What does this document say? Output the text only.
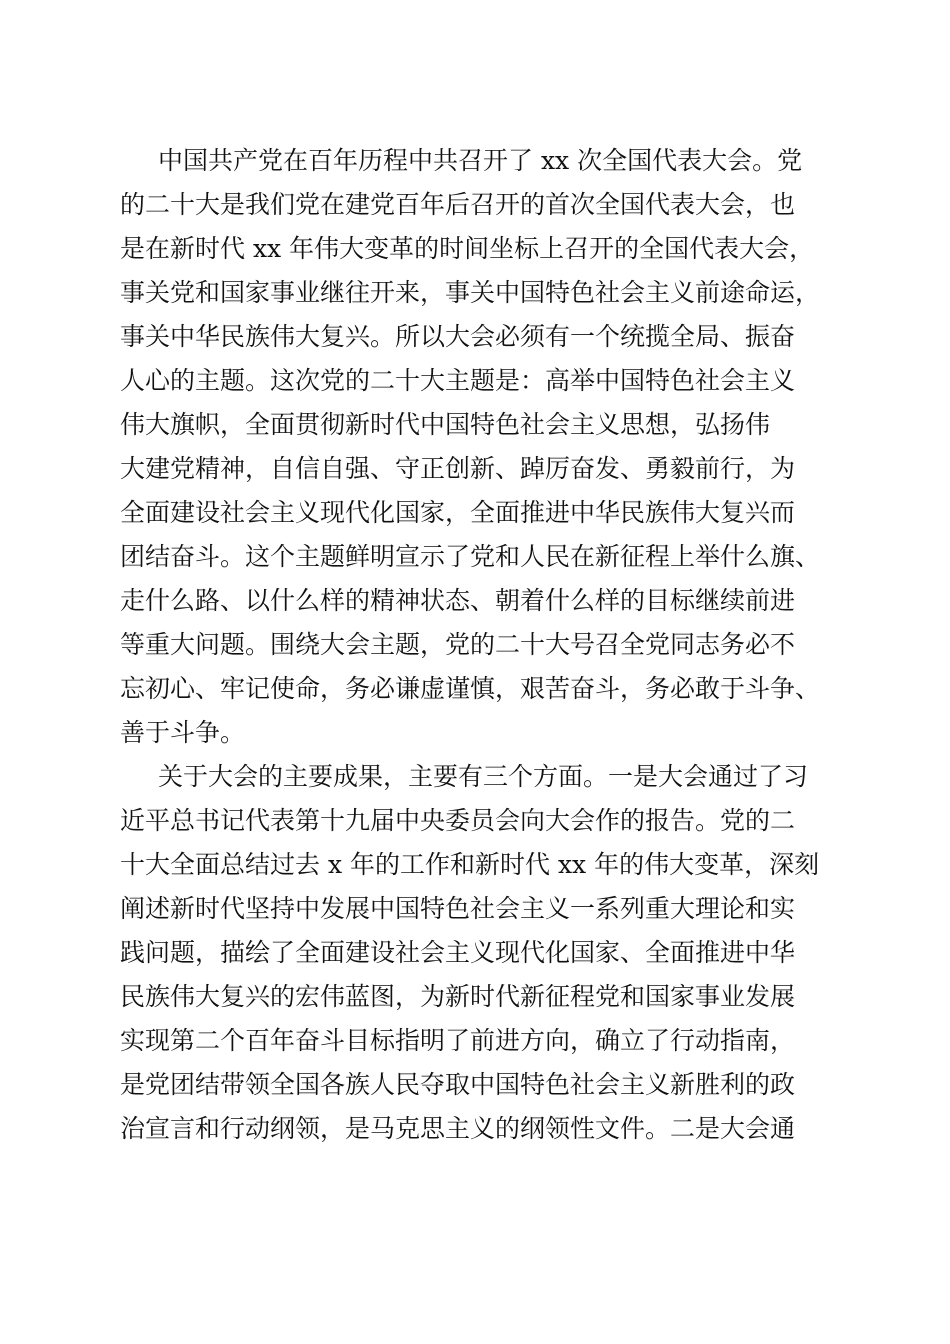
中国共产党在百年历程中共召开了 xx 次全国代表大会。党
的二十大是我们党在建党百年后召开的首次全国代表大会，也
是在新时代 xx 年伟大变革的时间坐标上召开的全国代表大会，
事关党和国家事业继往开来，事关中国特色社会主义前途命运，
事关中华民族伟大复兴。所以大会必须有一个统揽全局、振奋
人心的主题。这次党的二十大主题是：高举中国特色社会主义
伟大旗帜，全面贯彻新时代中国特色社会主义思想，弘扬伟
大建党精神，自信自强、守正创新、踔厉奋发、勇毅前行，为
全面建设社会主义现代化国家，全面推进中华民族伟大复兴而
团结奋斗。这个主题鲜明宣示了党和人民在新征程上举什么旗、
走什么路、以什么样的精神状态、朝着什么样的目标继续前进
等重大问题。围绕大会主题，党的二十大号召全党同志务必不
忘初心、牢记使命，务必谦虚谨慎，艰苦奋斗，务必敢于斗争、
善于斗争。
关于大会的主要成果，主要有三个方面。一是大会通过了习
近平总书记代表第十九届中央委员会向大会作的报告。党的二
十大全面总结过去 x 年的工作和新时代 xx 年的伟大变革，深刻
阐述新时代坚持中发展中国特色社会主义一系列重大理论和实
践问题，描绘了全面建设社会主义现代化国家、全面推进中华
民族伟大复兴的宏伟蓝图，为新时代新征程党和国家事业发展
实现第二个百年奋斗目标指明了前进方向，确立了行动指南，
是党团结带领全国各族人民夺取中国特色社会主义新胜利的政
治宣言和行动纲领，是马克思主义的纲领性文件。二是大会通
